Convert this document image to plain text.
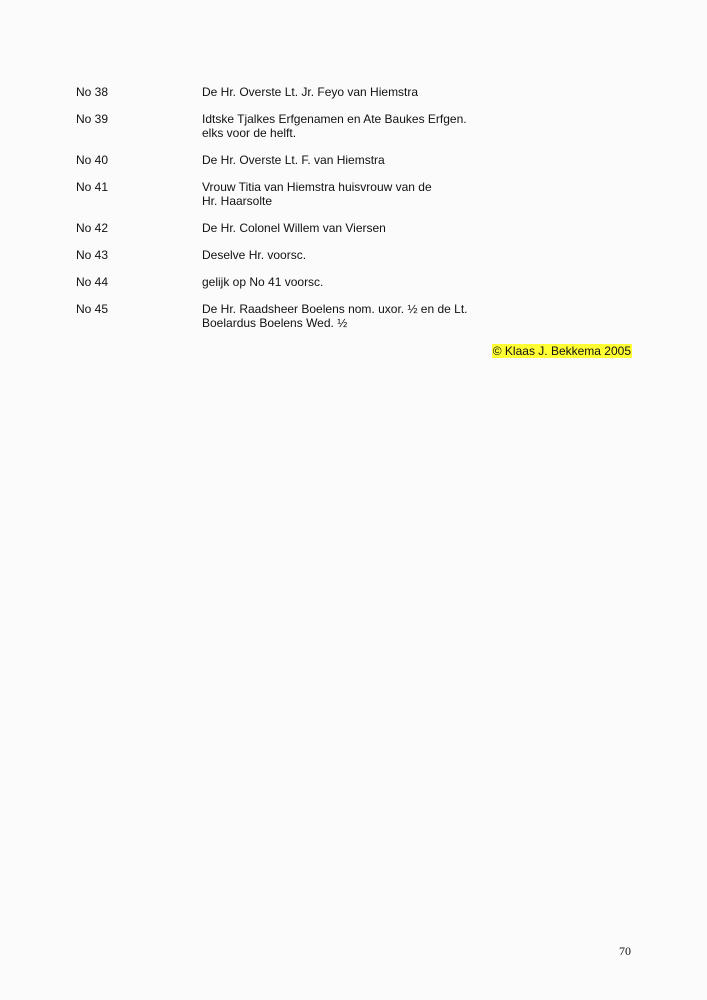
No 38	De Hr. Overste Lt. Jr. Feyo van Hiemstra
No 39	Idtske Tjalkes Erfgenamen en Ate Baukes Erfgen.
elks voor de helft.
No 40	De Hr. Overste Lt. F. van Hiemstra
No 41	Vrouw Titia van Hiemstra huisvrouw van de
Hr. Haarsolte
No 42	De Hr. Colonel Willem van Viersen
No 43	Deselve Hr. voorsc.
No 44	gelijk op No 41 voorsc.
No 45	De Hr. Raadsheer Boelens nom. uxor. ½ en de Lt.
Boelardus Boelens Wed. ½
© Klaas J. Bekkema 2005
70
